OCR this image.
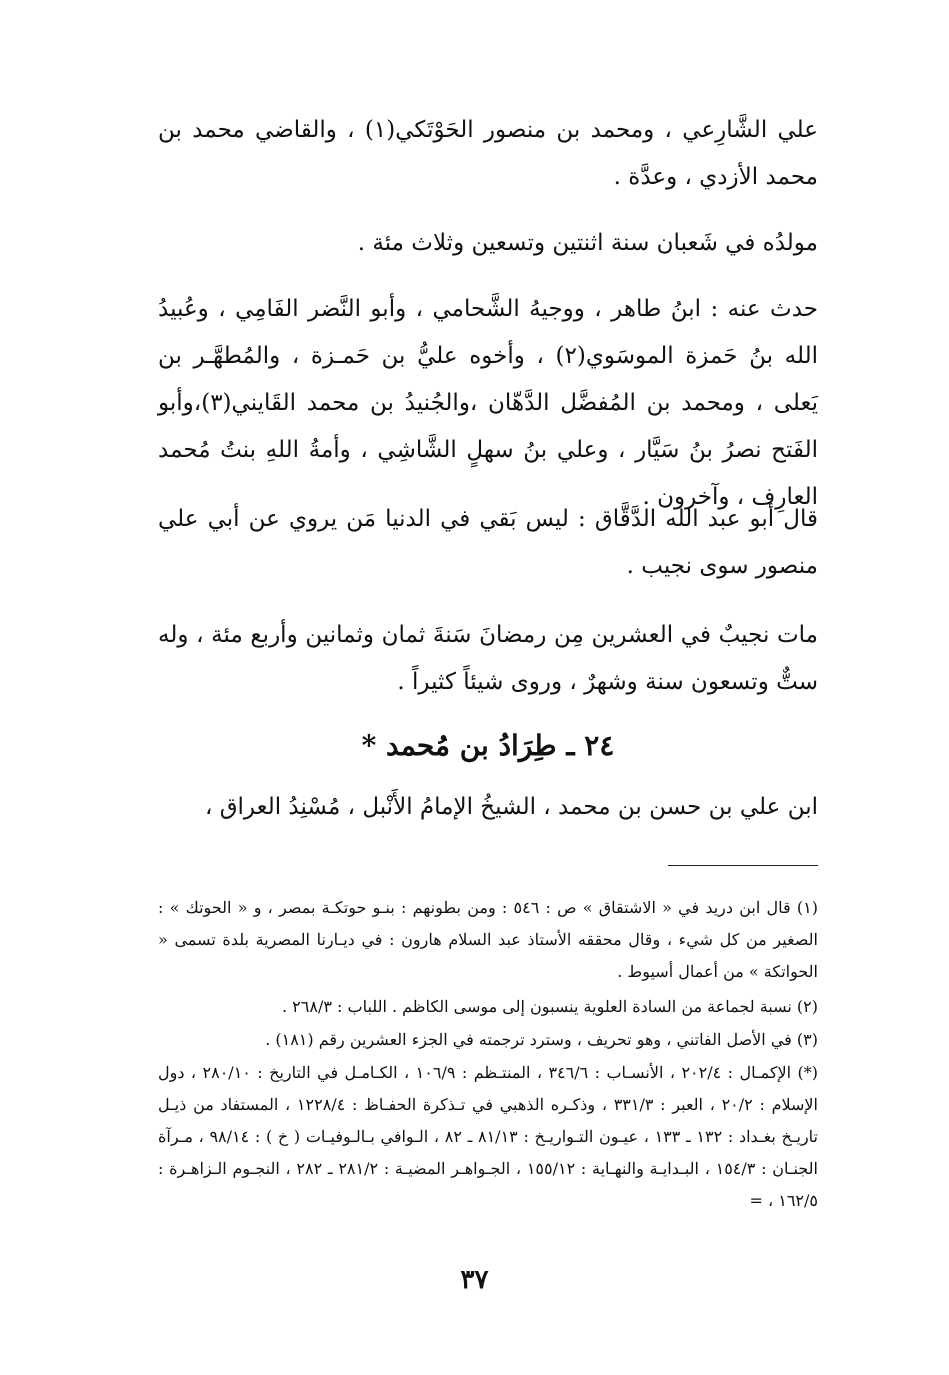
علي الشَّارِعي ، ومحمد بن منصور الحَوْتَكي(١) ، والقاضي محمد بن محمد الأزدي ، وعدَّة .

مولدُه في شَعبان سنة اثنتين وتسعين وثلاث مئة .

حدث عنه : ابنُ طاهر ، ووجيهُ الشَّحامي ، وأبو النَّضر الفَامِي ، وعُبيدُ الله بنُ حَمزة الموسَوي(٢) ، وأخوه عليُّ بن حَمـزة ، والمُطهَّـر بن يَعلى ، ومحمد بن المُفضَّل الدَّهّان ،والجُنيدُ بن محمد القَايني(٣)،وأبو الفَتح نصرُ بنُ سَيَّار ، وعلي بنُ سهلٍ الشَّاشِي ، وأمةُ اللهِ بنتُ مُحمد العارِف ، وآخرون .

قال أبو عبد الله الدَّقَّاق : ليس بَقي في الدنيا مَن يروي عن أبي علي منصور سوى نجيب .

مات نجيبٌ في العشرين مِن رمضانَ سَنةَ ثمان وثمانين وأربع مئة ، وله ستٌّ وتسعون سنة وشهرٌ ، وروى شيئاً كثيراً .

٢٤ ـ طِرَادُ بن مُحمد *

ابن علي بن حسن بن محمد ، الشيخُ الإمامُ الأَنْبل ، مُسْنِدُ العراق ،

(١) قال ابن دريد في « الاشتقاق » ص : ٥٤٦ : ومن بطونهم : بنـو حوتكـة بمصر ، و « الحوتك » : الصغير من كل شيء ، وقال محققه الأستاذ عبد السلام هارون : في ديـارنا المصرية بلدة تسمى « الحواتكة » من أعمال أسيوط .

(٢) نسبة لجماعة من السادة العلوية ينسبون إلى موسى الكاظم . اللباب : ٢٦٨/٣ .

(٣) في الأصل الفاتني ، وهو تحريف ، وسترد ترجمته في الجزء العشرين رقم (١٨١) .

(*) الإكمـال : ٢٠٢/٤ ، الأنسـاب : ٣٤٦/٦ ، المنتـظم : ١٠٦/٩ ، الكـامـل في التاريخ : ٢٨٠/١٠ ، دول الإسلام : ٢٠/٢ ، العبر : ٣٣١/٣ ، وذكـره الذهبي في تـذكرة الحفـاظ : ١٢٢٨/٤ ، المستفاد من ذيـل تاريـخ بغـداد : ١٣٢ ـ ١٣٣ ، عيـون التـواريـخ : ٨١/١٣ ـ ٨٢ ، الـوافي بـالـوفيـات ( خ ) : ٩٨/١٤ ، مـرآة الجنـان : ١٥٤/٣ ، البـدايـة والنهـاية : ١٥٥/١٢ ، الجـواهـر المضيـة : ٢٨١/٢ ـ ٢٨٢ ، النجـوم الـزاهـرة : ١٦٢/٥ ، =

٣٧
